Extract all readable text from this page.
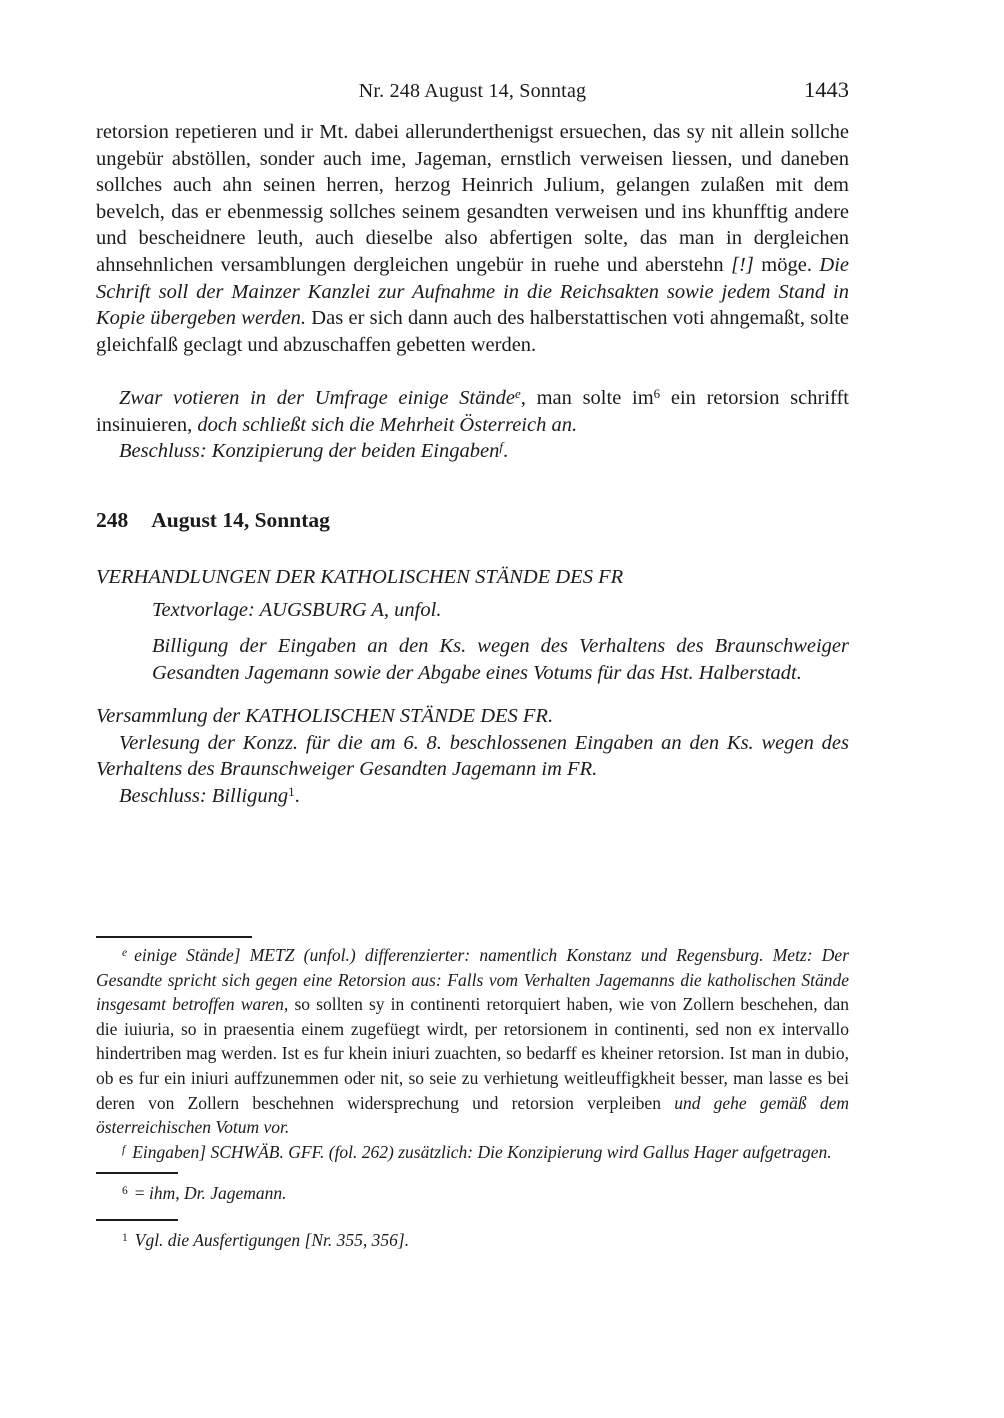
Nr. 248 August 14, Sonntag	1443

retorsion repetieren und ir Mt. dabei allerunderthenigst ersuechen, das sy nit allein sollche ungebür abstöllen, sonder auch ime, Jageman, ernstlich verweisen liessen, und daneben sollches auch ahn seinen herren, herzog Heinrich Julium, gelangen zulaßen mit dem bevelch, das er ebenmessig sollches seinem gesandten verweisen und ins khunfftig andere und bescheidnere leuth, auch dieselbe also abfertigen solte, das man in dergleichen ahnsehnlichen versamblungen dergleichen ungebür in ruehe und aberstehn [!] möge. Die Schrift soll der Mainzer Kanzlei zur Aufnahme in die Reichsakten sowie jedem Stand in Kopie übergeben werden. Das er sich dann auch des halberstattischen voti ahngemaßt, solte gleichfalß geclagt und abzuschaffen gebetten werden.

Zwar votieren in der Umfrage einige Stände$^e$, man solte $im^6$ ein retorsion schrifft insinuieren, doch schließt sich die Mehrheit Österreich an.

Beschluss: Konzipierung der beiden Eingaben$^f$.

248 August 14, Sonntag

VERHANDLUNGEN DER KATHOLISCHEN STÄNDE DES FR

Textvorlage: AUGSBURG A, unfol.

Billigung der Eingaben an den Ks. wegen des Verhaltens des Braunschweiger Gesandten Jagemann sowie der Abgabe eines Votums für das Hst. Halberstadt.

Versammlung der KATHOLISCHEN STÄNDE DES FR.

Verlesung der Konzz. für die am 6. 8. beschlossenen Eingaben an den Ks. wegen des Verhaltens des Braunschweiger Gesandten Jagemann im FR.

Beschluss: Billigung$^1$.

$^e$ einige Stände] METZ (unfol.) differenzierter: namentlich Konstanz und Regensburg. Metz: Der Gesandte spricht sich gegen eine Retorsion aus: Falls vom Verhalten Jagemanns die katholischen Stände insgesamt betroffen waren, so sollten sy in continenti retorquiert haben, wie von Zollern beschehen, dan die iuiuria, so in praesentia einem zugefüegt wirdt, per retorsionem in continenti, sed non ex intervallo hindertriben mag werden. Ist es fur khein iniuri zuachten, so bedarff es kheiner retorsion. Ist man in dubio, ob es fur ein iniuri auffzunemmen oder nit, so seie zu verhietung weitleuffigkheit besser, man lasse es bei deren von Zollern beschehnen widersprechung und retorsion verpleiben und gehe gemäß dem österreichischen Votum vor.

$^f$ Eingaben] SCHWÄB. GFF. (fol. 262) zusätzlich: Die Konzipierung wird Gallus Hager aufgetragen.

$^6$ = ihm, Dr. Jagemann.

$^1$ Vgl. die Ausfertigungen [Nr. 355, 356].
